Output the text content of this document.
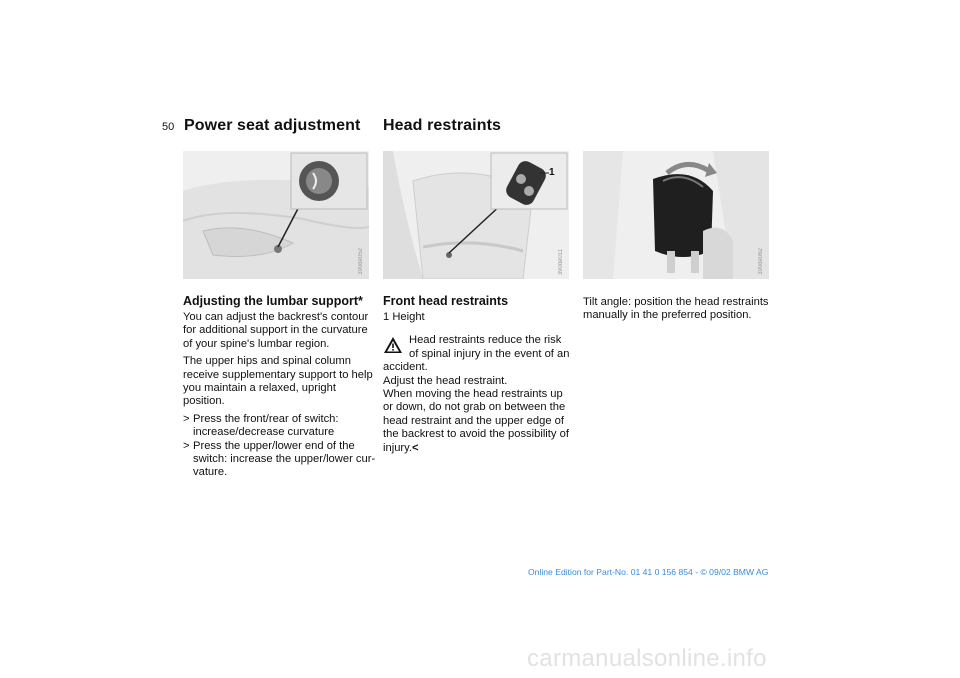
50 Power seat adjustment Head restraints
390de052	390de011
1
390de062
Adjusting the lumbar support*

You can adjust the backrest's contour for additional support in the curvature of your spine's lumbar region.

The upper hips and spinal column receive supplementary support to help you maintain a relaxed, upright position.

> Press the front/rear of switch: increase/decrease curvature
> Press the upper/lower end of the switch: increase the upper/lower cur-vature.
Front head restraints

1 Height

Head restraints reduce the risk of spinal injury in the event of an
accident.
Adjust the head restraint.
When moving the head restraints up or down, do not grab on between the head restraint and the upper edge of the backrest to avoid the possibility of injury.<
Tilt angle: position the head restraints manually in the preferred position.
Online Edition for Part-No. 01 41 0 156 854 - © 09/02 BMW AG
carmanualsonline.info
